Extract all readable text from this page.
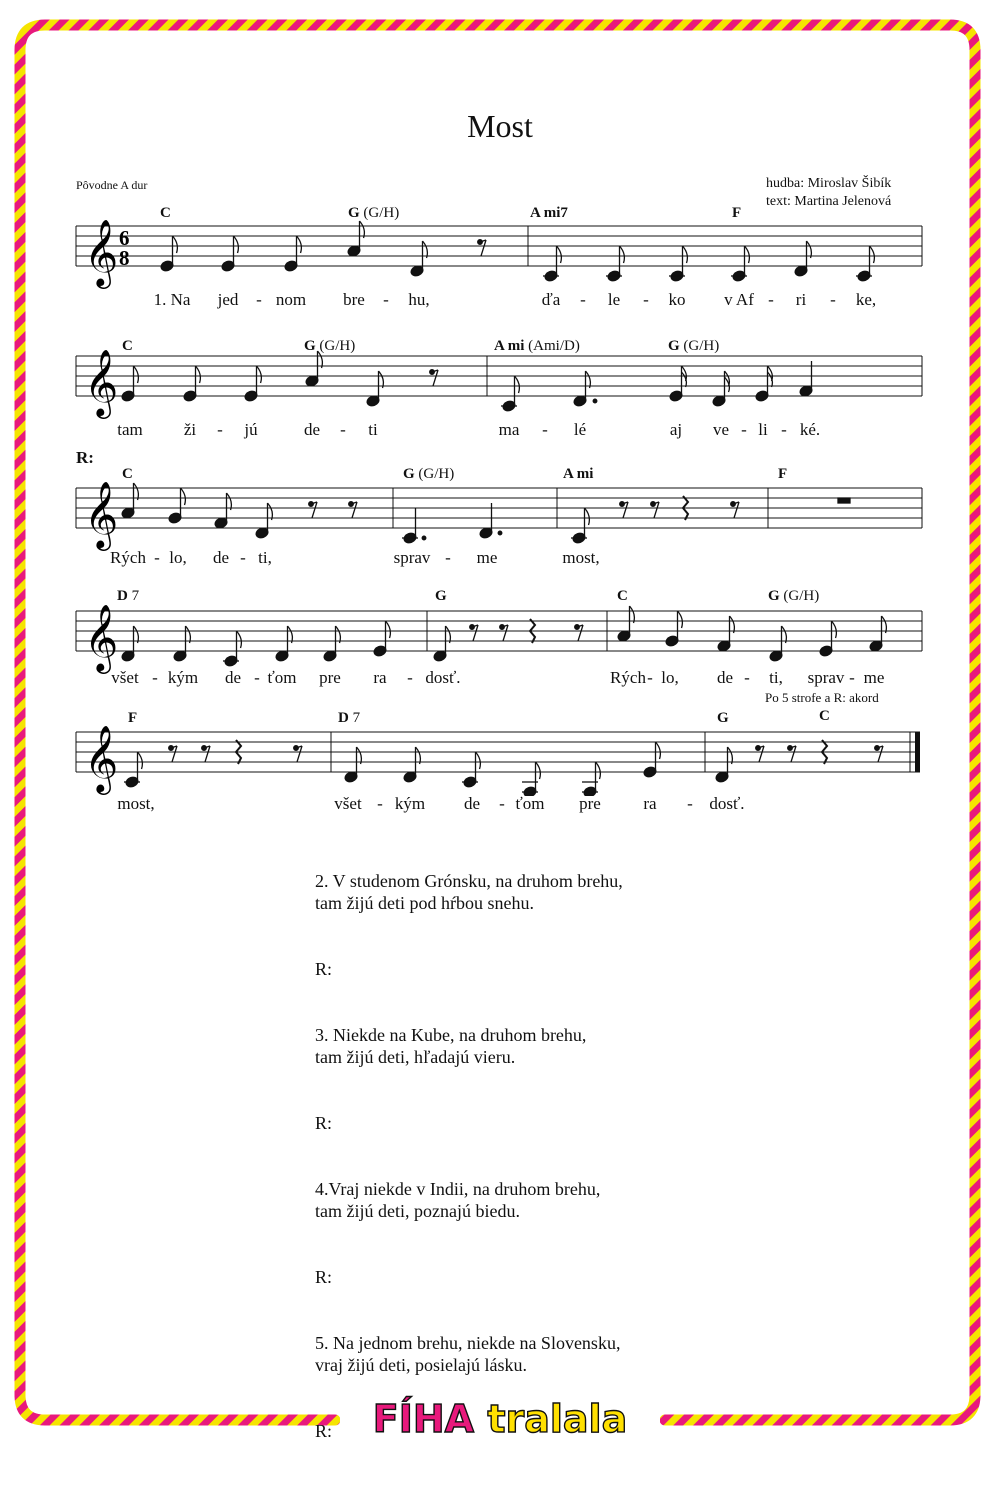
Most
hudba: Miroslav Šibík
text: Martina Jelenová
Pôvodne A dur
C	G (G/H)	A mi7	F
𝄞 6
8
1. Na jed - nom bre - hu,	ďa - le - ko v Af - ri - ke,
C	G (G/H)	A mi (Ami/D)	G (G/H)
𝄞
tam ži - jú	de - ti	ma - lé	aj ve - li - ké.
R:
C	G (G/H)	A mi	F
𝄞
Rých - lo, de - ti,	sprav - me	most,
D 7	G	C	G (G/H)
𝄞
všet - kým de - ťom pre ra - dosť.	Rých - lo, de - ti, sprav - me
Po 5 strofe a R: akord
F	D 7	G	C
𝄞
most,	všet - kým de - ťom pre	ra - dosť.

2. V studenom Grónsku, na druhom brehu,
tam žijú deti pod hŕbou snehu.

R:

3. Niekde na Kube, na druhom brehu,
tam žijú deti, hľadajú vieru.

R:

4.Vraj niekde v Indii, na druhom brehu,
tam žijú deti, poznajú biedu.

R:

5. Na jednom brehu, niekde na Slovensku,
vraj žijú deti, posielajú lásku.

R:	FÍHA tralala
